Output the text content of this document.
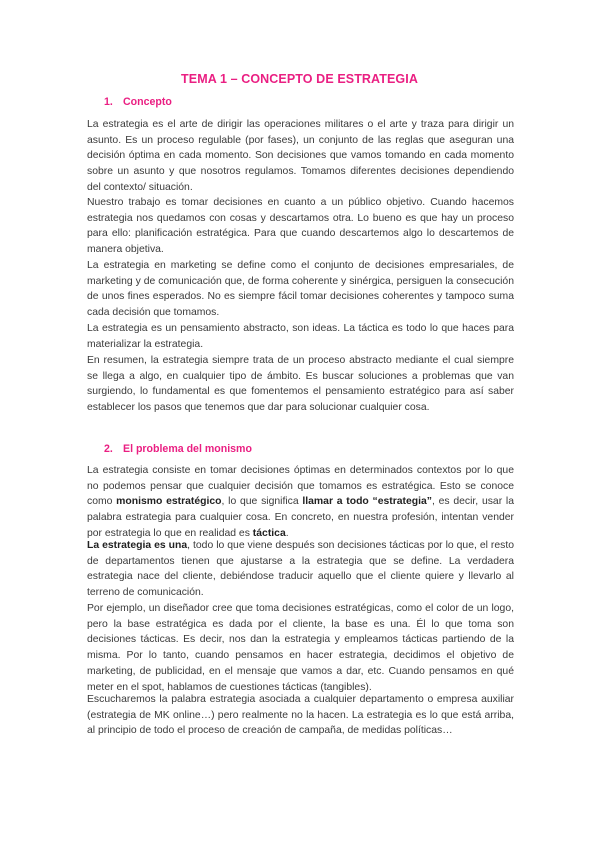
TEMA 1 – CONCEPTO DE ESTRATEGIA
1. Concepto

La estrategia es el arte de dirigir las operaciones militares o el arte y traza para dirigir un asunto. Es un proceso regulable (por fases), un conjunto de las reglas que aseguran una decisión óptima en cada momento. Son decisiones que vamos tomando en cada momento sobre un asunto y que nosotros regulamos. Tomamos diferentes decisiones dependiendo del contexto/ situación.

Nuestro trabajo es tomar decisiones en cuanto a un público objetivo. Cuando hacemos estrategia nos quedamos con cosas y descartamos otra. Lo bueno es que hay un proceso para ello: planificación estratégica. Para que cuando descartemos algo lo descartemos de manera objetiva.

La estrategia en marketing se define como el conjunto de decisiones empresariales, de marketing y de comunicación que, de forma coherente y sinérgica, persiguen la consecución de unos fines esperados. No es siempre fácil tomar decisiones coherentes y tampoco suma cada decisión que tomamos.

La estrategia es un pensamiento abstracto, son ideas. La táctica es todo lo que haces para materializar la estrategia.

En resumen, la estrategia siempre trata de un proceso abstracto mediante el cual siempre se llega a algo, en cualquier tipo de ámbito. Es buscar soluciones a problemas que van surgiendo, lo fundamental es que fomentemos el pensamiento estratégico para así saber establecer los pasos que tenemos que dar para solucionar cualquier cosa.

2. El problema del monismo

La estrategia consiste en tomar decisiones óptimas en determinados contextos por lo que no podemos pensar que cualquier decisión que tomamos es estratégica. Esto se conoce como monismo estratégico, lo que significa llamar a todo “estrategia”, es decir, usar la palabra estrategia para cualquier cosa. En concreto, en nuestra profesión, intentan vender por estrategia lo que en realidad es táctica.

La estrategia es una, todo lo que viene después son decisiones tácticas por lo que, el resto de departamentos tienen que ajustarse a la estrategia que se define. La verdadera estrategia nace del cliente, debiéndose traducir aquello que el cliente quiere y llevarlo al terreno de comunicación.

Por ejemplo, un diseñador cree que toma decisiones estratégicas, como el color de un logo, pero la base estratégica es dada por el cliente, la base es una. Él lo que toma son decisiones tácticas. Es decir, nos dan la estrategia y empleamos tácticas partiendo de la misma. Por lo tanto, cuando pensamos en hacer estrategia, decidimos el objetivo de marketing, de publicidad, en el mensaje que vamos a dar, etc. Cuando pensamos en qué meter en el spot, hablamos de cuestiones tácticas (tangibles).

Escucharemos la palabra estrategia asociada a cualquier departamento o empresa auxiliar (estrategia de MK online…) pero realmente no la hacen. La estrategia es lo que está arriba, al principio de todo el proceso de creación de campaña, de medidas políticas…
